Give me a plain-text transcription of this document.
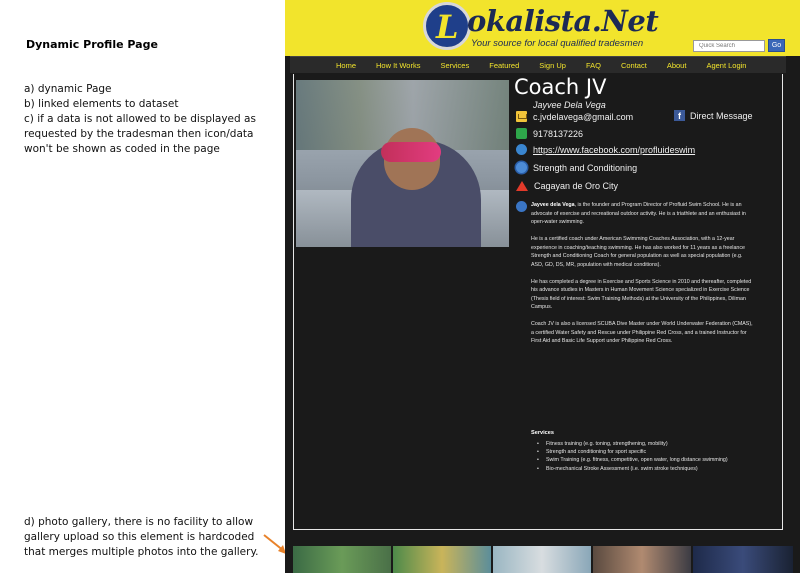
Dynamic Profile Page
a) dynamic Page
b) linked elements to dataset
c) if a data is not allowed to be displayed as requested by the tradesman then icon/data won't be shown as coded in the page
d) photo gallery, there is no facility to allow gallery upload so this element is hardcoded that merges multiple photos into the gallery.
L okalista.Net
Your source for local qualified tradesmen
Quick Search	Go
Home	How It Works	Services	Featured	Sign Up	FAQ	Contact	About	Agent Login
Coach JV
Jayvee Dela Vega
c.jvdelavega@gmail.com	f	Direct Message
9178137226
https://www.facebook.com/profluideswim
Strength and Conditioning
Cagayan de Oro City

Jayvee dela Vega, is the founder and Program Director of Profluid Swim School. He is an advocate of exercise and recreational outdoor activity. He is a triathlete and an enthusiast in open-water swimming.

He is a certified coach under American Swimming Coaches Association, with a 12-year experience in coaching/teaching swimming. He has also worked for 11 years as a freelance Strength and Conditioning Coach for general population as well as special population (e.g. ASD, GD, DS, MR, population with medical conditions).

He has completed a degree in Exercise and Sports Science in 2010 and thereafter, completed his advance studies in Masters in Human Movement Science specialized in Exercise Science (Thesis field of interest: Swim Training Methods) at the University of the Philippines, Diliman Campus.

Coach JV is also a licensed SCUBA Dive Master under World Underwater Federation (CMAS), a certified Water Safety and Rescue under Philippine Red Cross, and a trained Instructor for First Aid and Basic Life Support under Philippine Red Cross.

Services
• Fitness training (e.g. toning, strengthening, mobility)
• Strength and conditioning for sport specific
• Swim Training (e.g. fitness, competitive, open water, long distance swimming)
• Bio-mechanical Stroke Assessment (i.e. swim stroke techniques)
